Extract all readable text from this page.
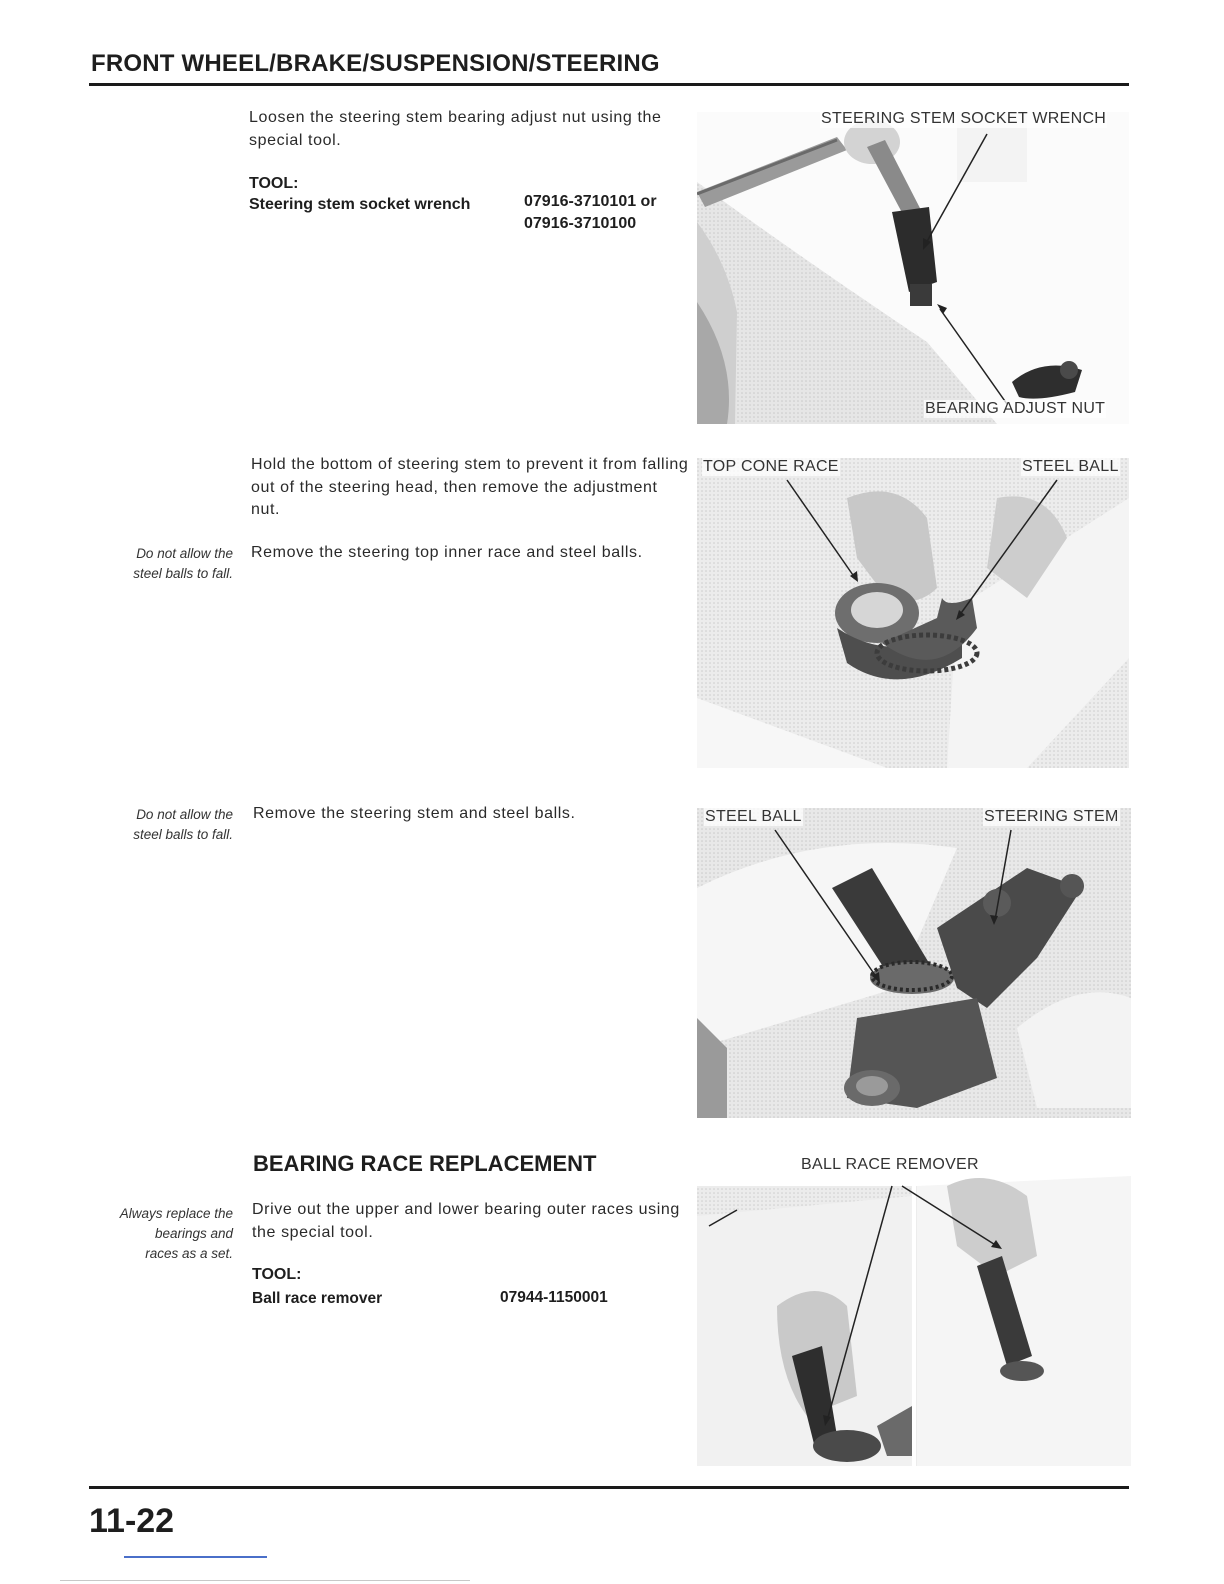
FRONT WHEEL/BRAKE/SUSPENSION/STEERING
Loosen the steering stem bearing adjust nut using the special tool.
TOOL:
Steering stem socket wrench	07916-3710101 or
07916-3710100
STEERING STEM SOCKET WRENCH
BEARING ADJUST NUT
Hold the bottom of steering stem to prevent it from falling out of the steering head, then remove the adjustment nut.
Do not allow the
steel balls to fall.
Remove the steering top inner race and steel balls.
TOP CONE RACE	STEEL BALL
Do not allow the
steel balls to fall.
Remove the steering stem and steel balls.	STEEL BALL	STEERING STEM
BEARING RACE REPLACEMENT
Always replace the
bearings and
races as a set.
Drive out the upper and lower bearing outer races using the special tool.
TOOL:
Ball race remover	07944-1150001
BALL RACE REMOVER
11-22
